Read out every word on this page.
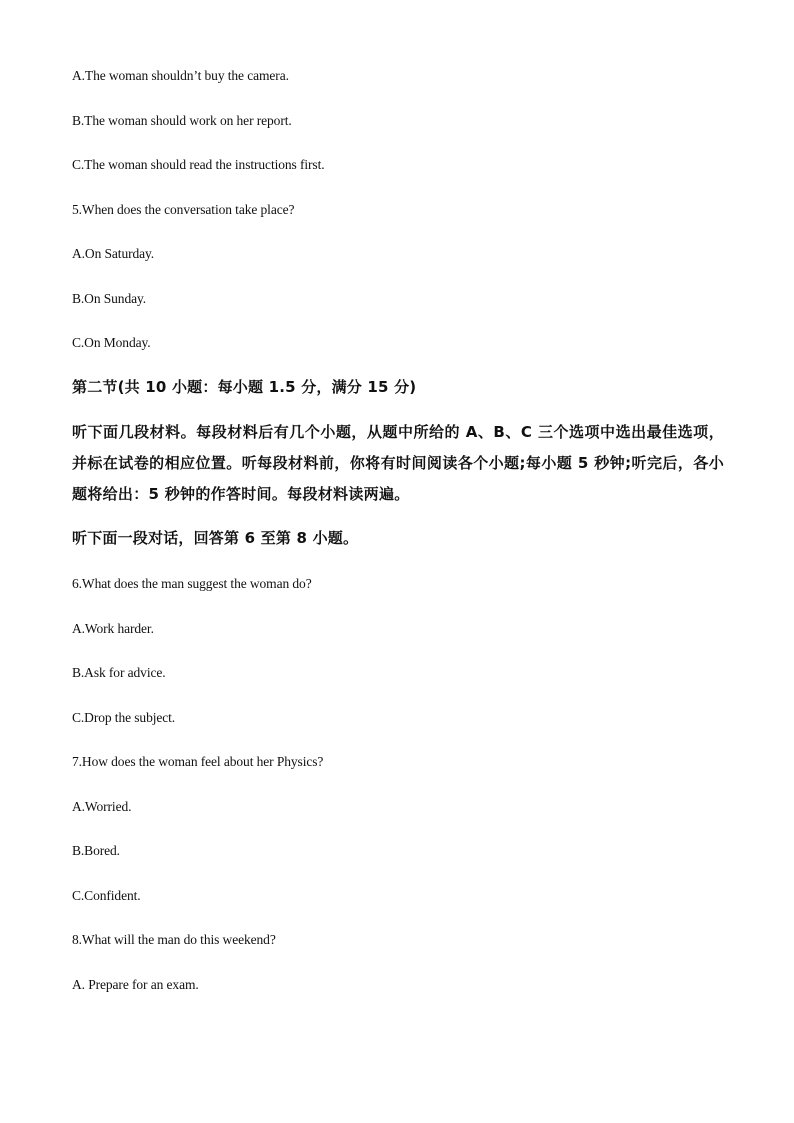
A.The woman shouldn’t buy the camera.
B.The woman should work on her report.
C.The woman should read the instructions first.
5.When does the conversation take place?
A.On Saturday.
B.On Sunday.
C.On Monday.
第二节(共 10 小题：每小题 1.5 分，满分 15 分)
听下面几段材料。每段材料后有几个小题，从题中所给的 A、B、C 三个选项中选出最佳选项，并标在试卷的相应位置。听每段材料前，你将有时间阅读各个小题;每小题 5 秒钟;听完后，各小题将给出：5 秒钟的作答时间。每段材料读两遍。
听下面一段对话，回答第 6 至第 8 小题。
6.What does the man suggest the woman do?
A.Work harder.
B.Ask for advice.
C.Drop the subject.
7.How does the woman feel about her Physics?
A.Worried.
B.Bored.
C.Confident.
8.What will the man do this weekend?
A. Prepare for an exam.
